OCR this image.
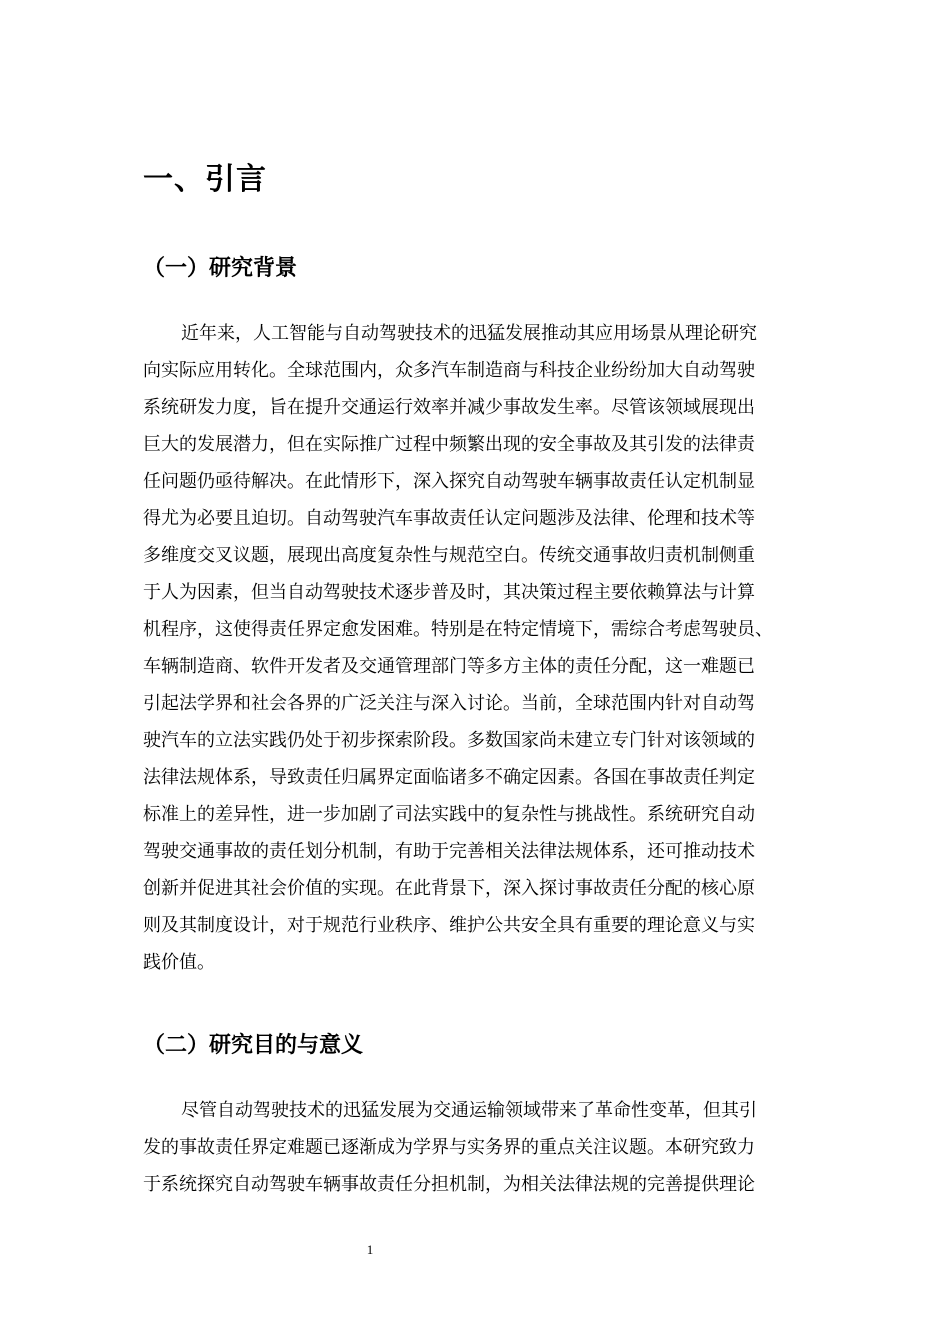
一、引言
（一）研究背景
近年来，人工智能与自动驾驶技术的迅猛发展推动其应用场景从理论研究
向实际应用转化。全球范围内，众多汽车制造商与科技企业纷纷加大自动驾驶
系统研发力度，旨在提升交通运行效率并减少事故发生率。尽管该领域展现出
巨大的发展潜力，但在实际推广过程中频繁出现的安全事故及其引发的法律责
任问题仍亟待解决。在此情形下，深入探究自动驾驶车辆事故责任认定机制显
得尤为必要且迫切。自动驾驶汽车事故责任认定问题涉及法律、伦理和技术等
多维度交叉议题，展现出高度复杂性与规范空白。传统交通事故归责机制侧重
于人为因素，但当自动驾驶技术逐步普及时，其决策过程主要依赖算法与计算
机程序，这使得责任界定愈发困难。特别是在特定情境下，需综合考虑驾驶员、
车辆制造商、软件开发者及交通管理部门等多方主体的责任分配，这一难题已
引起法学界和社会各界的广泛关注与深入讨论。当前，全球范围内针对自动驾
驶汽车的立法实践仍处于初步探索阶段。多数国家尚未建立专门针对该领域的
法律法规体系，导致责任归属界定面临诸多不确定因素。各国在事故责任判定
标准上的差异性，进一步加剧了司法实践中的复杂性与挑战性。系统研究自动
驾驶交通事故的责任划分机制，有助于完善相关法律法规体系，还可推动技术
创新并促进其社会价值的实现。在此背景下，深入探讨事故责任分配的核心原
则及其制度设计，对于规范行业秩序、维护公共安全具有重要的理论意义与实
践价值。
（二）研究目的与意义
尽管自动驾驶技术的迅猛发展为交通运输领域带来了革命性变革，但其引
发的事故责任界定难题已逐渐成为学界与实务界的重点关注议题。本研究致力
于系统探究自动驾驶车辆事故责任分担机制，为相关法律法规的完善提供理论
1
